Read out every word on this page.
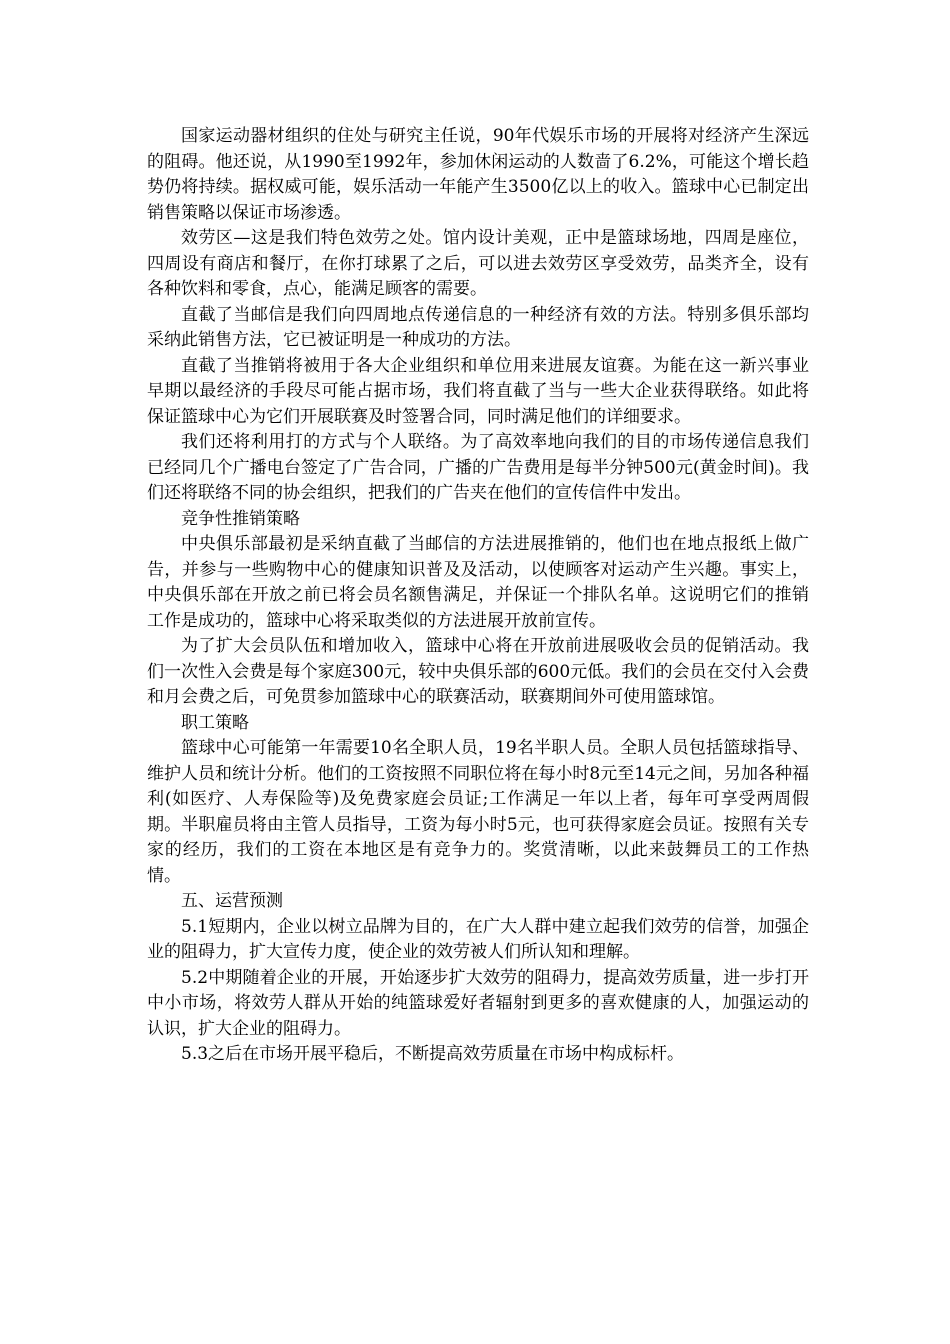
国家运动器材组织的住处与研究主任说，90年代娱乐市场的开展将对经济产生深远的阻碍。他还说，从1990至1992年，参加休闲运动的人数啬了6.2%，可能这个增长趋势仍将持续。据权威可能，娱乐活动一年能产生3500亿以上的收入。篮球中心已制定出销售策略以保证市场渗透。

效劳区—这是我们特色效劳之处。馆内设计美观，正中是篮球场地，四周是座位，四周设有商店和餐厅，在你打球累了之后，可以进去效劳区享受效劳，品类齐全，设有各种饮料和零食，点心，能满足顾客的需要。

直截了当邮信是我们向四周地点传递信息的一种经济有效的方法。特别多俱乐部均采纳此销售方法，它已被证明是一种成功的方法。

直截了当推销将被用于各大企业组织和单位用来进展友谊赛。为能在这一新兴事业早期以最经济的手段尽可能占据市场，我们将直截了当与一些大企业获得联络。如此将保证篮球中心为它们开展联赛及时签署合同，同时满足他们的详细要求。

我们还将利用打的方式与个人联络。为了高效率地向我们的目的市场传递信息我们已经同几个广播电台签定了广告合同，广播的广告费用是每半分钟500元(黄金时间)。我们还将联络不同的协会组织，把我们的广告夹在他们的宣传信件中发出。

竞争性推销策略

中央俱乐部最初是采纳直截了当邮信的方法进展推销的，他们也在地点报纸上做广告，并参与一些购物中心的健康知识普及及活动，以使顾客对运动产生兴趣。事实上，中央俱乐部在开放之前已将会员名额售满足，并保证一个排队名单。这说明它们的推销工作是成功的，篮球中心将采取类似的方法进展开放前宣传。

为了扩大会员队伍和增加收入，篮球中心将在开放前进展吸收会员的促销活动。我们一次性入会费是每个家庭300元，较中央俱乐部的600元低。我们的会员在交付入会费和月会费之后，可免贯参加篮球中心的联赛活动，联赛期间外可使用篮球馆。

职工策略

篮球中心可能第一年需要10名全职人员，19名半职人员。全职人员包括篮球指导、维护人员和统计分析。他们的工资按照不同职位将在每小时8元至14元之间，另加各种福利(如医疗、人寿保险等)及免费家庭会员证;工作满足一年以上者，每年可享受两周假期。半职雇员将由主管人员指导，工资为每小时5元，也可获得家庭会员证。按照有关专家的经历，我们的工资在本地区是有竞争力的。奖赏清晰，以此来鼓舞员工的工作热情。

五、运营预测

5.1短期内，企业以树立品牌为目的，在广大人群中建立起我们效劳的信誉，加强企业的阻碍力，扩大宣传力度，使企业的效劳被人们所认知和理解。

5.2中期随着企业的开展，开始逐步扩大效劳的阻碍力，提高效劳质量，进一步打开中小市场，将效劳人群从开始的纯篮球爱好者辐射到更多的喜欢健康的人，加强运动的认识，扩大企业的阻碍力。

5.3之后在市场开展平稳后，不断提高效劳质量在市场中构成标杆。
